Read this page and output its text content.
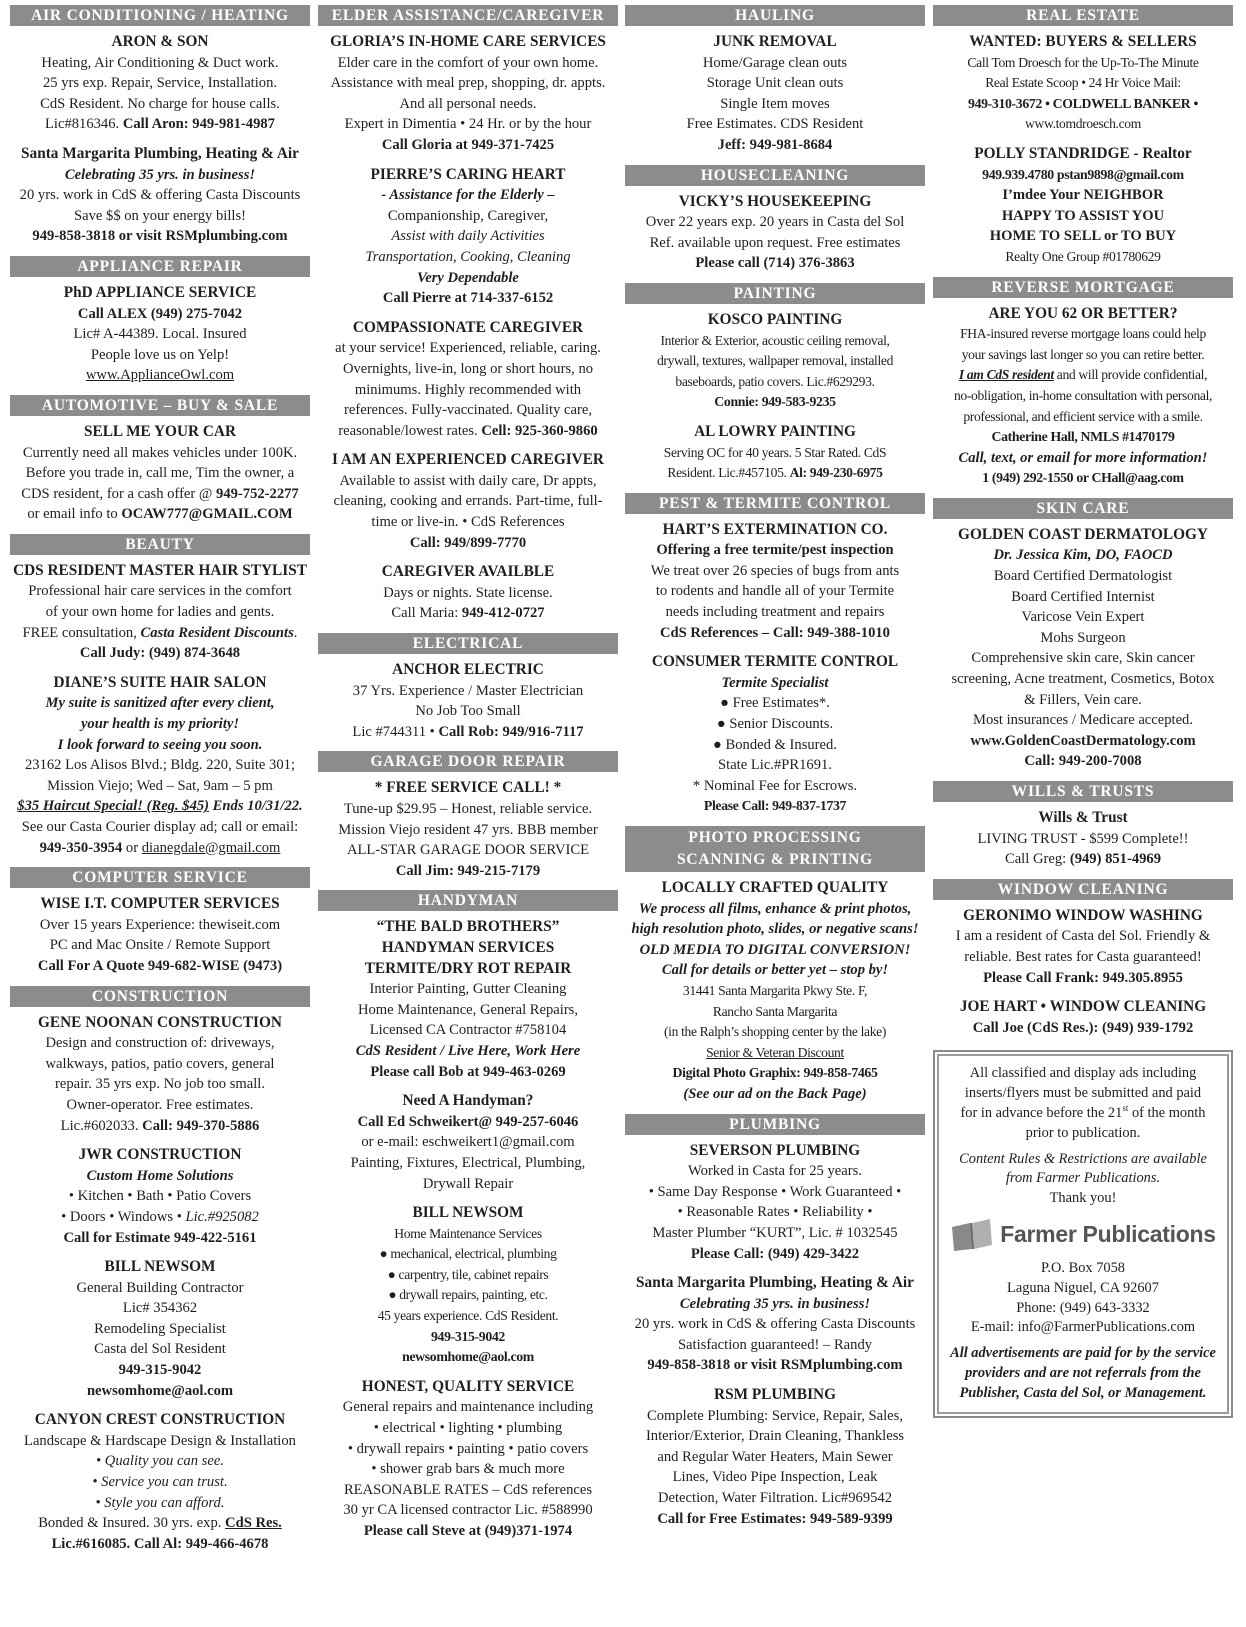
AIR CONDITIONING / HEATING
ARON & SON
Heating, Air Conditioning & Duct work.
25 yrs exp. Repair, Service, Installation.
CdS Resident. No charge for house calls.
Lic#816346. Call Aron: 949-981-4987
Santa Margarita Plumbing, Heating & Air
Celebrating 35 yrs. in business!
20 yrs. work in CdS & offering Casta Discounts
Save $$ on your energy bills!
949-858-3818 or visit RSMplumbing.com
APPLIANCE REPAIR
PhD APPLIANCE SERVICE
Call ALEX (949) 275-7042
Lic# A-44389. Local. Insured
People love us on Yelp!
www.ApplianceOwl.com
AUTOMOTIVE – BUY & SALE
SELL ME YOUR CAR
Currently need all makes vehicles under 100K.
Before you trade in, call me, Tim the owner, a
CDS resident, for a cash offer @ 949-752-2277
or email info to OCAW777@GMAIL.COM
BEAUTY
CDS RESIDENT MASTER HAIR STYLIST
Professional hair care services in the comfort
of your own home for ladies and gents.
FREE consultation, Casta Resident Discounts.
Call Judy: (949) 874-3648
DIANE’S SUITE HAIR SALON
My suite is sanitized after every client,
your health is my priority!
I look forward to seeing you soon.
23162 Los Alisos Blvd.; Bldg. 220, Suite 301;
Mission Viejo; Wed – Sat, 9am – 5 pm
$35 Haircut Special! (Reg. $45) Ends 10/31/22.
See our Casta Courier display ad; call or email:
949-350-3954 or dianegdale@gmail.com
COMPUTER SERVICE
WISE I.T. COMPUTER SERVICES
Over 15 years Experience: thewiseit.com
PC and Mac Onsite / Remote Support
Call For A Quote 949-682-WISE (9473)
CONSTRUCTION
GENE NOONAN CONSTRUCTION
Design and construction of: driveways,
walkways, patios, patio covers, general
repair. 35 yrs exp. No job too small.
Owner-operator. Free estimates.
Lic.#602033. Call: 949-370-5886
JWR CONSTRUCTION
Custom Home Solutions
• Kitchen • Bath • Patio Covers
• Doors • Windows • Lic.#925082
Call for Estimate 949-422-5161
BILL NEWSOM
General Building Contractor
Lic# 354362
Remodeling Specialist
Casta del Sol Resident
949-315-9042
newsomhome@aol.com
CANYON CREST CONSTRUCTION
Landscape & Hardscape Design & Installation
• Quality you can see.
• Service you can trust.
• Style you can afford.
Bonded & Insured. 30 yrs. exp. CdS Res.
Lic.#616085. Call Al: 949-466-4678
ELDER ASSISTANCE/CAREGIVER
GLORIA’S IN-HOME CARE SERVICES
Elder care in the comfort of your own home.
Assistance with meal prep, shopping, dr. appts.
And all personal needs.
Expert in Dimentia • 24 Hr. or by the hour
Call Gloria at 949-371-7425
PIERRE’S CARING HEART
- Assistance for the Elderly –
Companionship, Caregiver,
Assist with daily Activities
Transportation, Cooking, Cleaning
Very Dependable
Call Pierre at 714-337-6152
COMPASSIONATE CAREGIVER
at your service! Experienced, reliable, caring.
Overnights, live-in, long or short hours, no
minimums. Highly recommended with
references. Fully-vaccinated. Quality care,
reasonable/lowest rates. Cell: 925-360-9860
I AM AN EXPERIENCED CAREGIVER
Available to assist with daily care, Dr appts,
cleaning, cooking and errands. Part-time, full-
time or live-in. • CdS References
Call: 949/899-7770
CAREGIVER AVAILBLE
Days or nights. State license.
Call Maria: 949-412-0727
ELECTRICAL
ANCHOR ELECTRIC
37 Yrs. Experience / Master Electrician
No Job Too Small
Lic #744311 • Call Rob: 949/916-7117
GARAGE DOOR REPAIR
* FREE SERVICE CALL! *
Tune-up $29.95 – Honest, reliable service.
Mission Viejo resident 47 yrs. BBB member
ALL-STAR GARAGE DOOR SERVICE
Call Jim: 949-215-7179
HANDYMAN
“THE BALD BROTHERS”
HANDYMAN SERVICES
TERMITE/DRY ROT REPAIR
Interior Painting, Gutter Cleaning
Home Maintenance, General Repairs,
Licensed CA Contractor #758104
CdS Resident / Live Here, Work Here
Please call Bob at 949-463-0269
Need A Handyman?
Call Ed Schweikert@ 949-257-6046
or e-mail: eschweikert1@gmail.com
Painting, Fixtures, Electrical, Plumbing,
Drywall Repair
BILL NEWSOM
Home Maintenance Services
● mechanical, electrical, plumbing
● carpentry, tile, cabinet repairs
● drywall repairs, painting, etc.
45 years experience. CdS Resident.
949-315-9042
newsomhome@aol.com
HONEST, QUALITY SERVICE
General repairs and maintenance including
• electrical • lighting • plumbing
• drywall repairs • painting • patio covers
• shower grab bars & much more
REASONABLE RATES – CdS references
30 yr CA licensed contractor Lic. #588990
Please call Steve at (949)371-1974
HAULING
JUNK REMOVAL
Home/Garage clean outs
Storage Unit clean outs
Single Item moves
Free Estimates. CDS Resident
Jeff: 949-981-8684
HOUSECLEANING
VICKY’S HOUSEKEEPING
Over 22 years exp. 20 years in Casta del Sol
Ref. available upon request. Free estimates
Please call (714) 376-3863
PAINTING
KOSCO PAINTING
Interior & Exterior, acoustic ceiling removal,
drywall, textures, wallpaper removal, installed
baseboards, patio covers. Lic.#629293.
Connie: 949-583-9235
AL LOWRY PAINTING
Serving OC for 40 years. 5 Star Rated. CdS
Resident. Lic.#457105. Al: 949-230-6975
PEST & TERMITE CONTROL
HART’S EXTERMINATION CO.
Offering a free termite/pest inspection
We treat over 26 species of bugs from ants
to rodents and handle all of your Termite
needs including treatment and repairs
CdS References – Call: 949-388-1010
CONSUMER TERMITE CONTROL
Termite Specialist
● Free Estimates*.
● Senior Discounts.
● Bonded & Insured.
State Lic.#PR1691.
* Nominal Fee for Escrows.
Please Call: 949-837-1737
PHOTO PROCESSING
SCANNING & PRINTING
LOCALLY CRAFTED QUALITY
We process all films, enhance & print photos,
high resolution photo, slides, or negative scans!
OLD MEDIA TO DIGITAL CONVERSION!
Call for details or better yet – stop by!
31441 Santa Margarita Pkwy Ste. F,
Rancho Santa Margarita
(in the Ralph’s shopping center by the lake)
Senior & Veteran Discount
Digital Photo Graphix: 949-858-7465
(See our ad on the Back Page)
PLUMBING
SEVERSON PLUMBING
Worked in Casta for 25 years.
• Same Day Response • Work Guaranteed •
• Reasonable Rates • Reliability •
Master Plumber “KURT”, Lic. # 1032545
Please Call: (949) 429-3422
Santa Margarita Plumbing, Heating & Air
Celebrating 35 yrs. in business!
20 yrs. work in CdS & offering Casta Discounts
Satisfaction guaranteed! – Randy
949-858-3818 or visit RSMplumbing.com
RSM PLUMBING
Complete Plumbing: Service, Repair, Sales,
Interior/Exterior, Drain Cleaning, Thankless
and Regular Water Heaters, Main Sewer
Lines, Video Pipe Inspection, Leak
Detection, Water Filtration. Lic#969542
Call for Free Estimates: 949-589-9399
REAL ESTATE
WANTED: BUYERS & SELLERS
Call Tom Droesch for the Up-To-The Minute
Real Estate Scoop • 24 Hr Voice Mail:
949-310-3672 • COLDWELL BANKER •
www.tomdroesch.com
POLLY STANDRIDGE - Realtor
949.939.4780 pstan9898@gmail.com
I’mdee Your NEIGHBOR
HAPPY TO ASSIST YOU
HOME TO SELL or TO BUY
Realty One Group #01780629
REVERSE MORTGAGE
ARE YOU 62 OR BETTER?
FHA-insured reverse mortgage loans could help
your savings last longer so you can retire better.
I am CdS resident and will provide confidential,
no-obligation, in-home consultation with personal,
professional, and efficient service with a smile.
Catherine Hall, NMLS #1470179
Call, text, or email for more information!
1 (949) 292-1550 or CHall@aag.com
SKIN CARE
GOLDEN COAST DERMATOLOGY
Dr. Jessica Kim, DO, FAOCD
Board Certified Dermatologist
Board Certified Internist
Varicose Vein Expert
Mohs Surgeon
Comprehensive skin care, Skin cancer
screening, Acne treatment, Cosmetics, Botox
& Fillers, Vein care.
Most insurances / Medicare accepted.
www.GoldenCoastDermatology.com
Call: 949-200-7008
WILLS & TRUSTS
Wills & Trust
LIVING TRUST - $599 Complete!!
Call Greg: (949) 851-4969
WINDOW CLEANING
GERONIMO WINDOW WASHING
I am a resident of Casta del Sol. Friendly &
reliable. Best rates for Casta guaranteed!
Please Call Frank: 949.305.8955
JOE HART • WINDOW CLEANING
Call Joe (CdS Res.): (949) 939-1792
All classified and display ads including
inserts/flyers must be submitted and paid
for in advance before the 21st of the month
prior to publication.
Content Rules & Restrictions are available
from Farmer Publications.
Thank you!
Farmer Publications
P.O. Box 7058
Laguna Niguel, CA 92607
Phone: (949) 643-3332
E-mail: info@FarmerPublications.com
All advertisements are paid for by the service
providers and are not referrals from the
Publisher, Casta del Sol, or Management.
